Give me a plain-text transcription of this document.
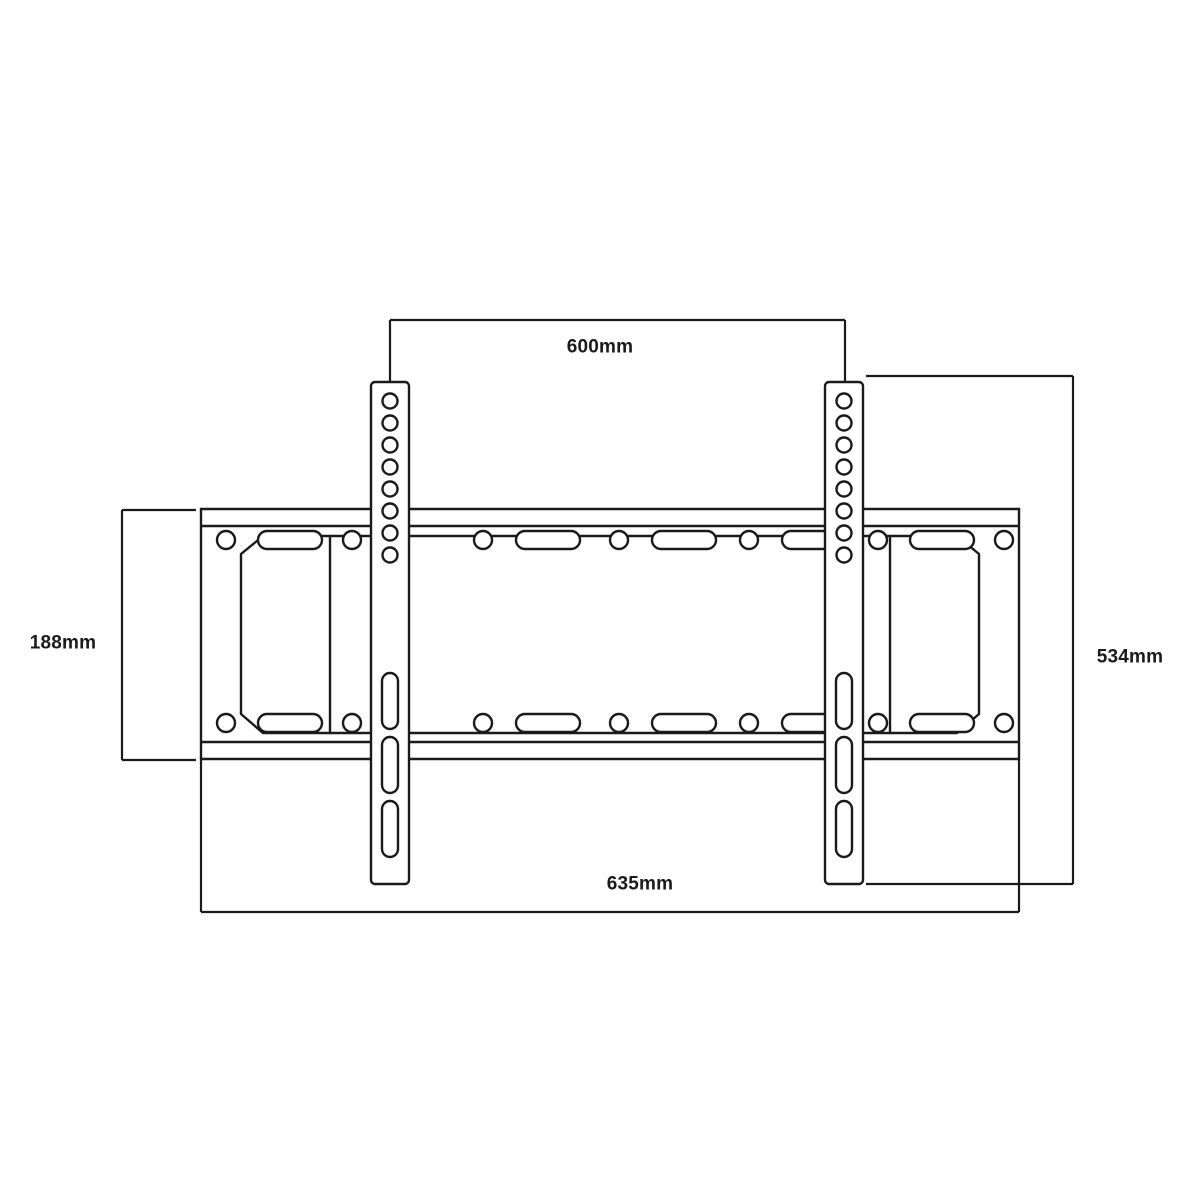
600mm
635mm
188mm
534mm
